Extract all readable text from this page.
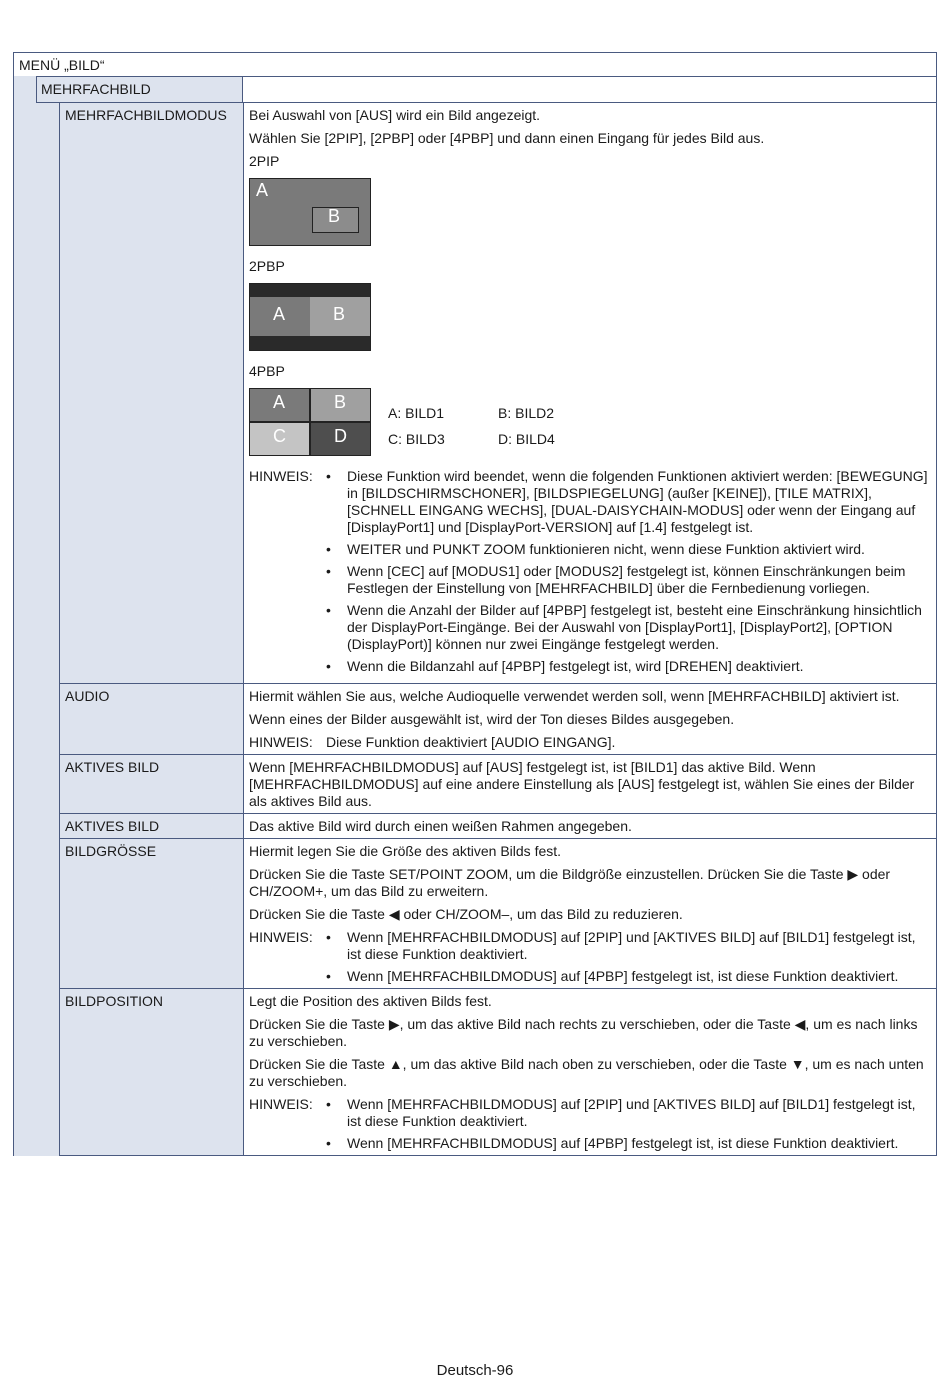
MENÜ „BILD“
MEHRFACHBILD
MEHRFACHBILDMODUS	Bei Auswahl von [AUS] wird ein Bild angezeigt.
Wählen Sie [2PIP], [2PBP] oder [4PBP] und dann einen Eingang für jedes Bild aus.
2PIP
A
B
2PBP
A	B
4PBP
A	B
C	D
A: BILD1	B: BILD2
C: BILD3	D: BILD4
HINWEIS: •	Diese Funktion wird beendet, wenn die folgenden Funktionen aktiviert werden: [BEWEGUNG] in [BILDSCHIRMSCHONER], [BILDSPIEGELUNG] (außer [KEINE]), [TILE MATRIX], [SCHNELL EINGANG WECHS], [DUAL-DAISYCHAIN-MODUS] oder wenn der Eingang auf [DisplayPort1] und [DisplayPort-VERSION] auf [1.4] festgelegt ist.
•	WEITER und PUNKT ZOOM funktionieren nicht, wenn diese Funktion aktiviert wird.
•	Wenn [CEC] auf [MODUS1] oder [MODUS2] festgelegt ist, können Einschränkungen beim Festlegen der Einstellung von [MEHRFACHBILD] über die Fernbedienung vorliegen.
•	Wenn die Anzahl der Bilder auf [4PBP] festgelegt ist, besteht eine Einschränkung hinsichtlich der DisplayPort-Eingänge. Bei der Auswahl von [DisplayPort1], [DisplayPort2], [OPTION (DisplayPort)] können nur zwei Eingänge festgelegt werden.
•	Wenn die Bildanzahl auf [4PBP] festgelegt ist, wird [DREHEN] deaktiviert.
AUDIO	Hiermit wählen Sie aus, welche Audioquelle verwendet werden soll, wenn [MEHRFACHBILD] aktiviert ist.
Wenn eines der Bilder ausgewählt ist, wird der Ton dieses Bildes ausgegeben.
HINWEIS: Diese Funktion deaktiviert [AUDIO EINGANG].
AKTIVES BILD	Wenn [MEHRFACHBILDMODUS] auf [AUS] festgelegt ist, ist [BILD1] das aktive Bild. Wenn [MEHRFACHBILDMODUS] auf eine andere Einstellung als [AUS] festgelegt ist, wählen Sie eines der Bilder als aktives Bild aus.
AKTIVES BILD	Das aktive Bild wird durch einen weißen Rahmen angegeben.
BILDGRÖSSE	Hiermit legen Sie die Größe des aktiven Bilds fest.
Drücken Sie die Taste SET/POINT ZOOM, um die Bildgröße einzustellen. Drücken Sie die Taste ▶ oder CH/ZOOM+, um das Bild zu erweitern.
Drücken Sie die Taste ◀ oder CH/ZOOM–, um das Bild zu reduzieren.
HINWEIS: •	Wenn [MEHRFACHBILDMODUS] auf [2PIP] und [AKTIVES BILD] auf [BILD1] festgelegt ist, ist diese Funktion deaktiviert.
•	Wenn [MEHRFACHBILDMODUS] auf [4PBP] festgelegt ist, ist diese Funktion deaktiviert.
BILDPOSITION	Legt die Position des aktiven Bilds fest.
Drücken Sie die Taste ▶, um das aktive Bild nach rechts zu verschieben, oder die Taste ◀, um es nach links zu verschieben.
Drücken Sie die Taste ▲, um das aktive Bild nach oben zu verschieben, oder die Taste ▼, um es nach unten zu verschieben.
HINWEIS: •	Wenn [MEHRFACHBILDMODUS] auf [2PIP] und [AKTIVES BILD] auf [BILD1] festgelegt ist, ist diese Funktion deaktiviert.
•	Wenn [MEHRFACHBILDMODUS] auf [4PBP] festgelegt ist, ist diese Funktion deaktiviert.
Deutsch-96
